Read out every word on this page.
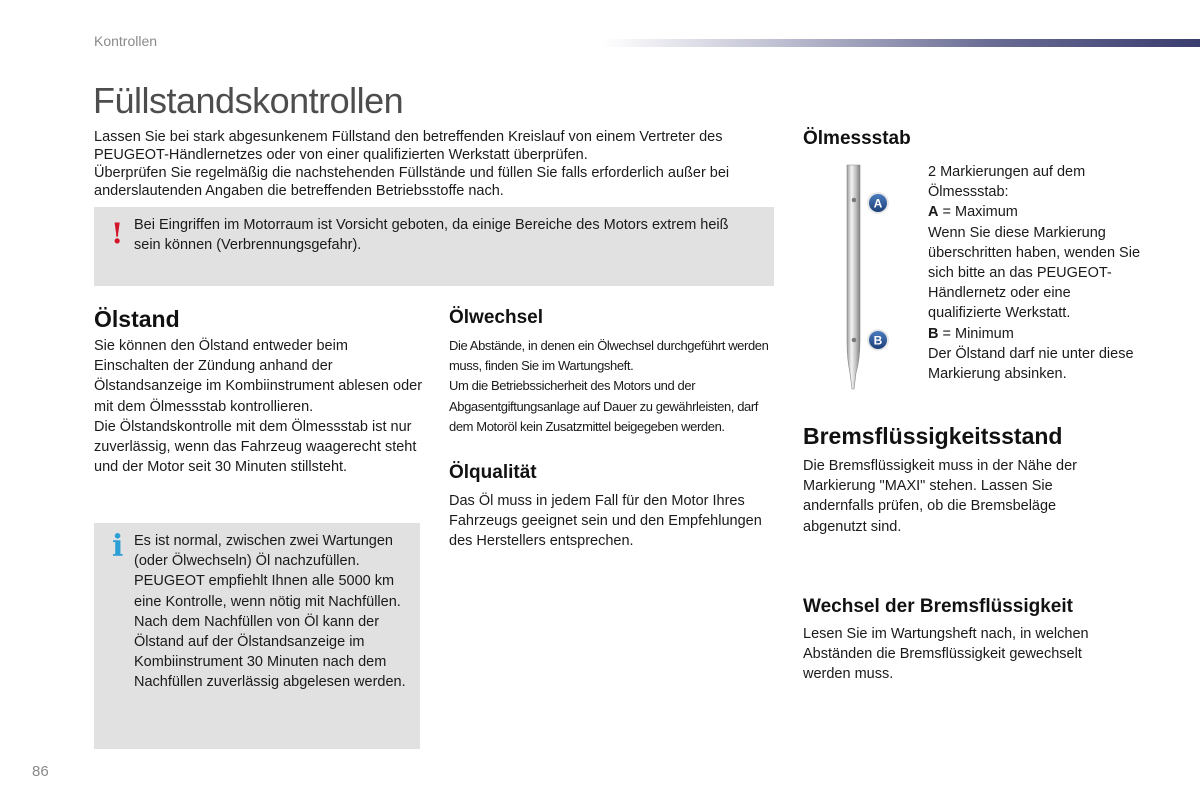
Kontrollen
Füllstandskontrollen
Lassen Sie bei stark abgesunkenem Füllstand den betreffenden Kreislauf von einem Vertreter des PEUGEOT-Händlernetzes oder von einer qualifizierten Werkstatt überprüfen.
Überprüfen Sie regelmäßig die nachstehenden Füllstände und füllen Sie falls erforderlich außer bei anderslautenden Angaben die betreffenden Betriebsstoffe nach.
! Bei Eingriffen im Motorraum ist Vorsicht geboten, da einige Bereiche des Motors extrem heiß sein können (Verbrennungsgefahr).
Ölstand
Sie können den Ölstand entweder beim Einschalten der Zündung anhand der Ölstandsanzeige im Kombiinstrument ablesen oder mit dem Ölmessstab kontrollieren.
Die Ölstandskontrolle mit dem Ölmessstab ist nur zuverlässig, wenn das Fahrzeug waagerecht steht und der Motor seit 30 Minuten stillsteht.
i Es ist normal, zwischen zwei Wartungen (oder Ölwechseln) Öl nachzufüllen. PEUGEOT empfiehlt Ihnen alle 5000 km eine Kontrolle, wenn nötig mit Nachfüllen.
Nach dem Nachfüllen von Öl kann der Ölstand auf der Ölstandsanzeige im Kombiinstrument 30 Minuten nach dem Nachfüllen zuverlässig abgelesen werden.
Ölwechsel
Die Abstände, in denen ein Ölwechsel durchgeführt werden muss, finden Sie im Wartungsheft.
Um die Betriebssicherheit des Motors und der Abgasentgiftungsanlage auf Dauer zu gewährleisten, darf dem Motoröl kein Zusatzmittel beigegeben werden.
Ölqualität
Das Öl muss in jedem Fall für den Motor Ihres Fahrzeugs geeignet sein und den Empfehlungen des Herstellers entsprechen.
Ölmessstab
A
B
2 Markierungen auf dem Ölmessstab:
A = Maximum
Wenn Sie diese Markierung überschritten haben, wenden Sie sich bitte an das PEUGEOT-Händlernetz oder eine qualifizierte Werkstatt.
B = Minimum
Der Ölstand darf nie unter diese Markierung absinken.
Bremsflüssigkeitsstand
Die Bremsflüssigkeit muss in der Nähe der Markierung "MAXI" stehen. Lassen Sie andernfalls prüfen, ob die Bremsbeläge abgenutzt sind.
Wechsel der Bremsflüssigkeit
Lesen Sie im Wartungsheft nach, in welchen Abständen die Bremsflüssigkeit gewechselt werden muss.
86
